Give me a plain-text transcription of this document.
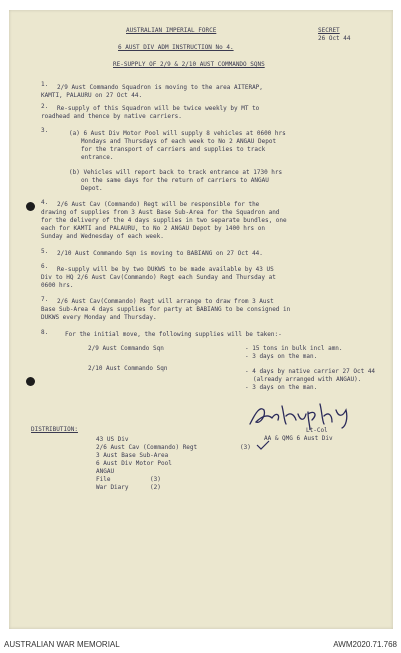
AUSTRALIAN IMPERIAL FORCE	SECRET
26 Oct 44
6 AUST DIV ADM INSTRUCTION No 4.
RE-SUPPLY OF 2/9 & 2/10 AUST COMMANDO SQNS
1. 2/9 Aust Commando Squadron is moving to the area AITERAP,
KAMTI, PALAURU on 27 Oct 44.
2. Re-supply of this Squadron will be twice weekly by MT to
roadhead and thence by native carriers.
3.	(a) 6 Aust Div Motor Pool will supply 8 vehicles at 0600 hrs
Mondays and Thursdays of each week to No 2 ANGAU Depot
for the transport of carriers and supplies to track
entrance.
(b) Vehicles will report back to track entrance at 1730 hrs
on the same days for the return of carriers to ANGAU
Depot.
4. 2/6 Aust Cav (Commando) Regt will be responsible for the
drawing of supplies from 3 Aust Base Sub-Area for the Squadron and
for the delivery of the 4 days supplies in two separate bundles, one
each for KAMTI and PALAURU, to No 2 ANGAU Depot by 1400 hrs on
Sunday and Wednesday of each week.
5. 2/10 Aust Commando Sqn is moving to BABIANG on 27 Oct 44.
6. Re-supply will be by two DUKWS to be made available by 43 US
Div to HQ 2/6 Aust Cav(Commando) Regt each Sunday and Thursday at
0600 hrs.
7. 2/6 Aust Cav(Commando) Regt will arrange to draw from 3 Aust
Base Sub-Area 4 days supplies for party at BABIANG to be consigned in
DUKWS every Monday and Thursday.
8.	For the initial move, the following supplies will be taken:-
2/9 Aust Commando Sqn	- 15 tons in bulk incl amn.
- 3 days on the man.
2/10 Aust Commando Sqn	- 4 days by native carrier 27 Oct 44
(already arranged with ANGAU).
- 3 days on the man.
Lt-Col
AA & QMG 6 Aust Div
DISTRIBUTION:
43 US Div
2/6 Aust Cav (Commando) Regt	(3)
3 Aust Base Sub-Area
6 Aust Div Motor Pool
ANGAU
File	(3)
War Diary	(2)
AUSTRALIAN WAR MEMORIAL	AWM2020.71.768
